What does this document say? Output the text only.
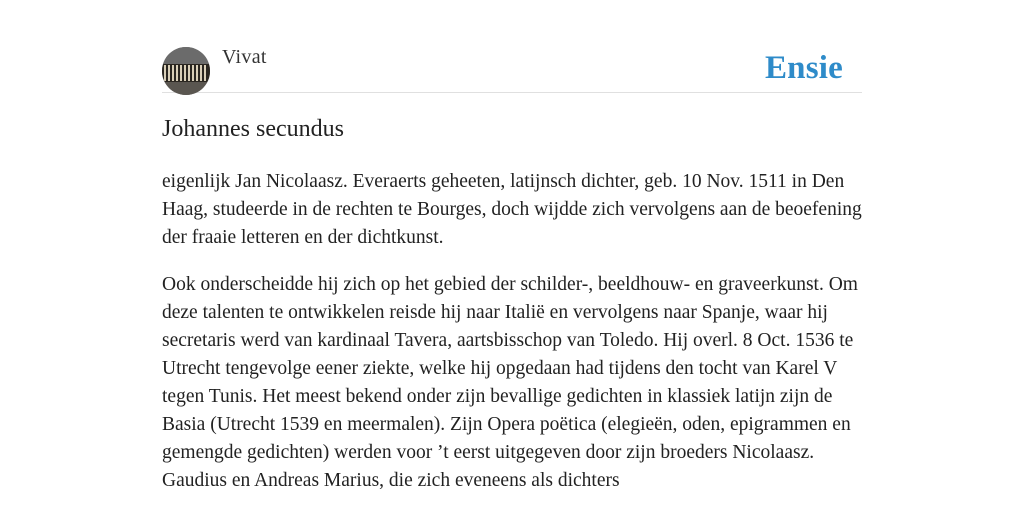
Vivat	Ensie
Johannes secundus

eigenlijk Jan Nicolaasz. Everaerts geheeten, latijnsch dichter, geb. 10 Nov. 1511 in Den Haag, studeerde in de rechten te Bourges, doch wijdde zich vervolgens aan de beoefening der fraaie letteren en der dichtkunst.

Ook onderscheidde hij zich op het gebied der schilder-, beeldhouw- en graveerkunst. Om deze talenten te ontwikkelen reisde hij naar Italië en vervolgens naar Spanje, waar hij secretaris werd van kardinaal Tavera, aartsbisschop van Toledo. Hij overl. 8 Oct. 1536 te Utrecht tengevolge eener ziekte, welke hij opgedaan had tijdens den tocht van Karel V tegen Tunis. Het meest bekend onder zijn bevallige gedichten in klassiek latijn zijn de Basia (Utrecht 1539 en meermalen). Zijn Opera poëtica (elegieën, oden, epigrammen en gemengde gedichten) werden voor ’t eerst uitgegeven door zijn broeders Nicolaasz. Gaudius en Andreas Marius, die zich eveneens als dichters
